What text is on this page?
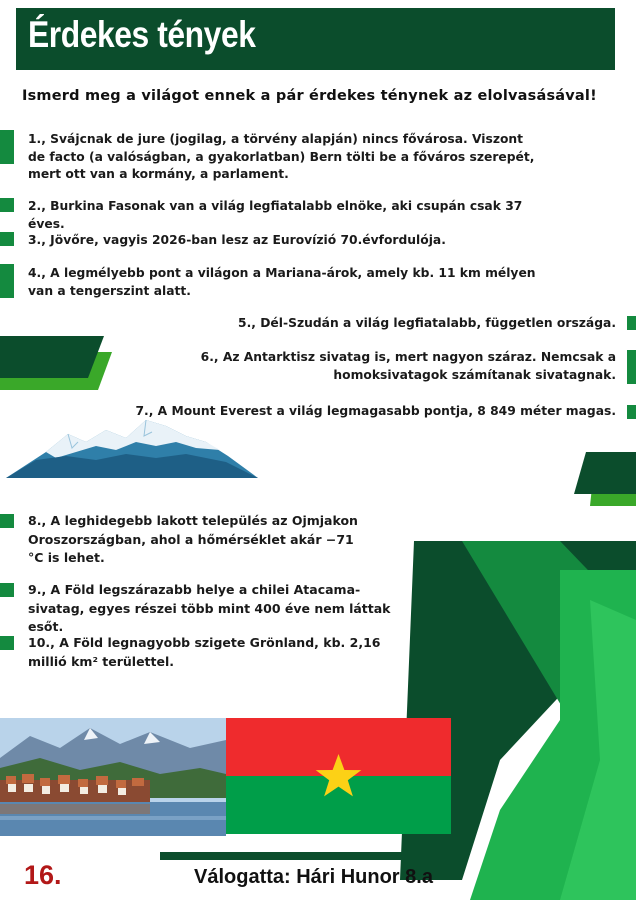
Érdekes tények
Ismerd meg a világot ennek a pár érdekes ténynek az elolvasásával!
1., Svájcnak de jure (jogilag, a törvény alapján) nincs fővárosa. Viszont de facto (a valóságban, a gyakorlatban) Bern tölti be a főváros szerepét, mert ott van a kormány, a parlament.
2., Burkina Fasonak van a világ legfiatalabb elnöke, aki csupán csak 37 éves.
3., Jövőre, vagyis 2026-ban lesz az Eurovízió 70.évfordulója.
4., A legmélyebb pont a világon a Mariana-árok, amely kb. 11 km mélyen van a tengerszint alatt.
5., Dél-Szudán a világ legfiatalabb, független országa.
6., Az Antarktisz sivatag is, mert nagyon száraz. Nemcsak a homoksivatagok számítanak sivatagnak.
7., A Mount Everest a világ legmagasabb pontja, 8 849 méter magas.
8., A leghidegebb lakott település az Ojmjakon Oroszországban, ahol a hőmérséklet akár −71 °C is lehet.
9., A Föld legszárazabb helye a chilei Atacama-sivatag, egyes részei több mint 400 éve nem láttak esőt.
10., A Föld legnagyobb szigete Grönland, kb. 2,16 millió km² területtel.
16.	Válogatta: Hári Hunor 8.a
